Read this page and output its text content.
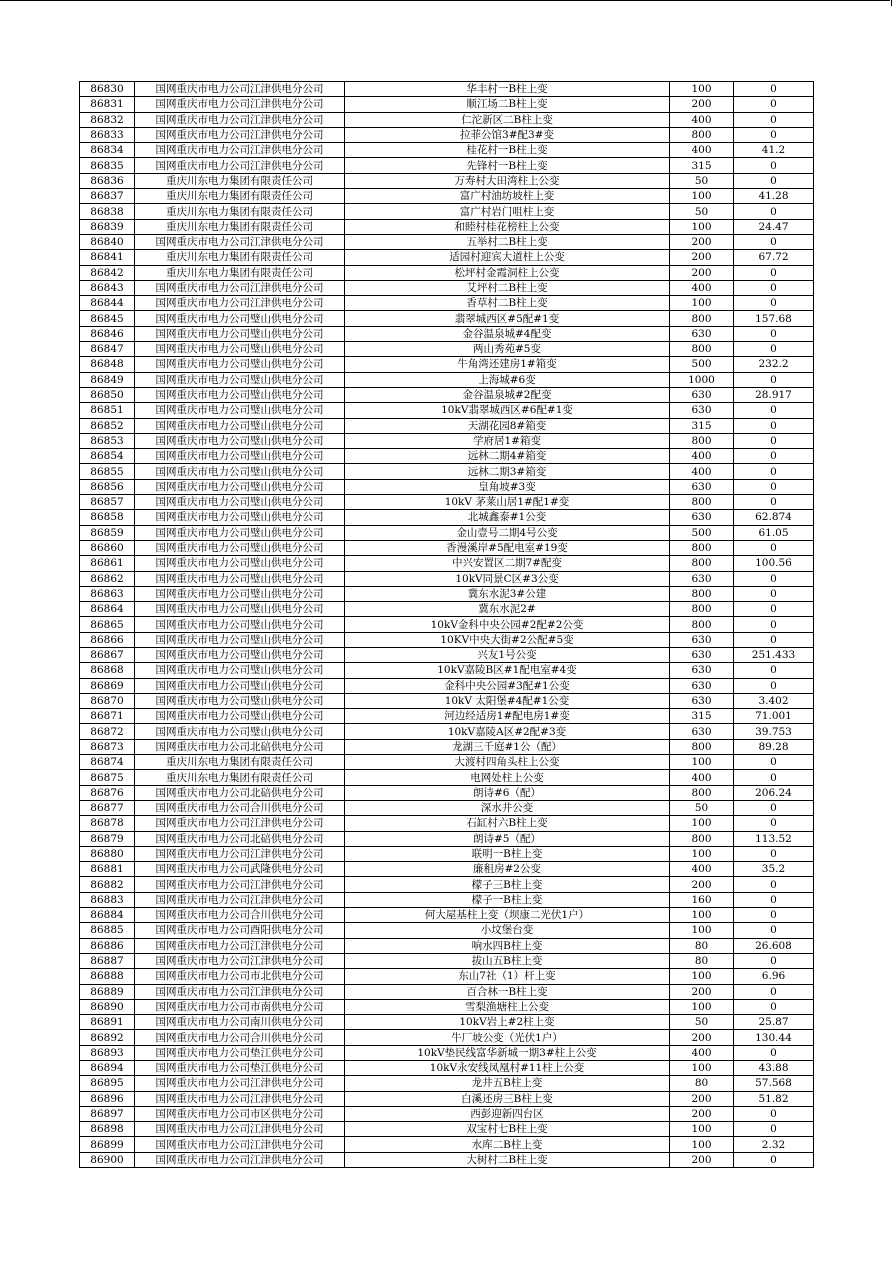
86830	国网重庆市电力公司江津供电分公司	华丰村一B柱上变	100	0
86831	国网重庆市电力公司江津供电分公司	顺江场二B柱上变	200	0
86832	国网重庆市电力公司江津供电分公司	仁沱新区二B柱上变	400	0
86833	国网重庆市电力公司江津供电分公司	拉菲公馆3#配3#变	800	0
86834	国网重庆市电力公司江津供电分公司	桂花村一B柱上变	400	41.2
86835	国网重庆市电力公司江津供电分公司	先锋村一B柱上变	315	0
86836	重庆川东电力集团有限责任公司	万寿村大田湾柱上公变	50	0
86837	重庆川东电力集团有限责任公司	富广村油坊坡柱上变	100	41.28
86838	重庆川东电力集团有限责任公司	富广村岩门咀柱上变	50	0
86839	重庆川东电力集团有限责任公司	和睦村桂花榜柱上公变	100	24.47
86840	国网重庆市电力公司江津供电分公司	五举村二B柱上变	200	0
86841	重庆川东电力集团有限责任公司	适园村迎宾大道柱上公变	200	67.72
86842	重庆川东电力集团有限责任公司	松坪村金霞洞柱上公变	200	0
86843	国网重庆市电力公司江津供电分公司	艾坪村二B柱上变	400	0
86844	国网重庆市电力公司江津供电分公司	香草村二B柱上变	100	0
86845	国网重庆市电力公司璧山供电分公司	翡翠城西区#5配#1变	800	157.68
86846	国网重庆市电力公司璧山供电分公司	金谷温泉城#4配变	630	0
86847	国网重庆市电力公司璧山供电分公司	两山秀苑#5变	800	0
86848	国网重庆市电力公司璧山供电分公司	牛角湾还建房1#箱变	500	232.2
86849	国网重庆市电力公司璧山供电分公司	上海城#6变	1000	0
86850	国网重庆市电力公司璧山供电分公司	金谷温泉城#2配变	630	28.917
86851	国网重庆市电力公司璧山供电分公司	10kV翡翠城西区#6配#1变	630	0
86852	国网重庆市电力公司璧山供电分公司	天湖花园8#箱变	315	0
86853	国网重庆市电力公司璧山供电分公司	学府居1#箱变	800	0
86854	国网重庆市电力公司璧山供电分公司	远林二期4#箱变	400	0
86855	国网重庆市电力公司璧山供电分公司	远林二期3#箱变	400	0
86856	国网重庆市电力公司璧山供电分公司	皇角坡#3变	630	0
86857	国网重庆市电力公司璧山供电分公司	10kV 茅莱山居1#配1#变	800	0
86858	国网重庆市电力公司璧山供电分公司	北城鑫泰#1公变	630	62.874
86859	国网重庆市电力公司璧山供电分公司	金山壹号二期4号公变	500	61.05
86860	国网重庆市电力公司璧山供电分公司	香漫溪岸#5配电室#19变	800	0
86861	国网重庆市电力公司璧山供电分公司	中兴安置区二期7#配变	800	100.56
86862	国网重庆市电力公司璧山供电分公司	10kV同景C区#3公变	630	0
86863	国网重庆市电力公司璧山供电分公司	冀东水泥3#公建	800	0
86864	国网重庆市电力公司璧山供电分公司	冀东水泥2#	800	0
86865	国网重庆市电力公司璧山供电分公司	10kV金科中央公园#2配#2公变	800	0
86866	国网重庆市电力公司璧山供电分公司	10KV中央大街#2公配#5变	630	0
86867	国网重庆市电力公司璧山供电分公司	兴友1号公变	630	251.433
86868	国网重庆市电力公司璧山供电分公司	10kV嘉陵B区#1配电室#4变	630	0
86869	国网重庆市电力公司璧山供电分公司	金科中央公园#3配#1公变	630	0
86870	国网重庆市电力公司璧山供电分公司	10kV 太阳堡#4配#1公变	630	3.402
86871	国网重庆市电力公司璧山供电分公司	河边经适房1#配电房1#变	315	71.001
86872	国网重庆市电力公司璧山供电分公司	10kV嘉陵A区#2配#3变	630	39.753
86873	国网重庆市电力公司北碚供电分公司	龙湖三千庭#1公（配）	800	89.28
86874	重庆川东电力集团有限责任公司	大渡村四角头柱上公变	100	0
86875	重庆川东电力集团有限责任公司	电网处柱上公变	400	0
86876	国网重庆市电力公司北碚供电分公司	朗诗#6（配）	800	206.24
86877	国网重庆市电力公司合川供电分公司	深水井公变	50	0
86878	国网重庆市电力公司江津供电分公司	石缸村六B柱上变	100	0
86879	国网重庆市电力公司北碚供电分公司	朗诗#5（配）	800	113.52
86880	国网重庆市电力公司江津供电分公司	联明一B柱上变	100	0
86881	国网重庆市电力公司武隆供电分公司	廉租房#2公变	400	35.2
86882	国网重庆市电力公司江津供电分公司	檬子三B柱上变	200	0
86883	国网重庆市电力公司江津供电分公司	檬子一B柱上变	160	0
86884	国网重庆市电力公司合川供电分公司	何大屋基柱上变（坝康二光伏1户）	100	0
86885	国网重庆市电力公司酉阳供电分公司	小坟堡台变	100	0
86886	国网重庆市电力公司江津供电分公司	响水四B柱上变	80	26.608
86887	国网重庆市电力公司江津供电分公司	拔山五B柱上变	80	0
86888	国网重庆市电力公司市北供电分公司	东山7社（1）杆上变	100	6.96
86889	国网重庆市电力公司江津供电分公司	百合林一B柱上变	200	0
86890	国网重庆市电力公司市南供电分公司	雪梨渔塘柱上公变	100	0
86891	国网重庆市电力公司南川供电分公司	10kV岩上#2柱上变	50	25.87
86892	国网重庆市电力公司合川供电分公司	牛厂坡公变（光伏1户）	200	130.44
86893	国网重庆市电力公司垫江供电分公司	10kV垫民线富华新城一期3#柱上公变	400	0
86894	国网重庆市电力公司垫江供电分公司	10kV永安线凤凰村#11柱上公变	100	43.88
86895	国网重庆市电力公司江津供电分公司	龙井五B柱上变	80	57.568
86896	国网重庆市电力公司江津供电分公司	白溪还房三B柱上变	200	51.82
86897	国网重庆市电力公司市区供电分公司	西彭迎新四台区	200	0
86898	国网重庆市电力公司江津供电分公司	双宝村七B柱上变	100	0
86899	国网重庆市电力公司江津供电分公司	水库二B柱上变	100	2.32
86900	国网重庆市电力公司江津供电分公司	大树村二B柱上变	200	0
